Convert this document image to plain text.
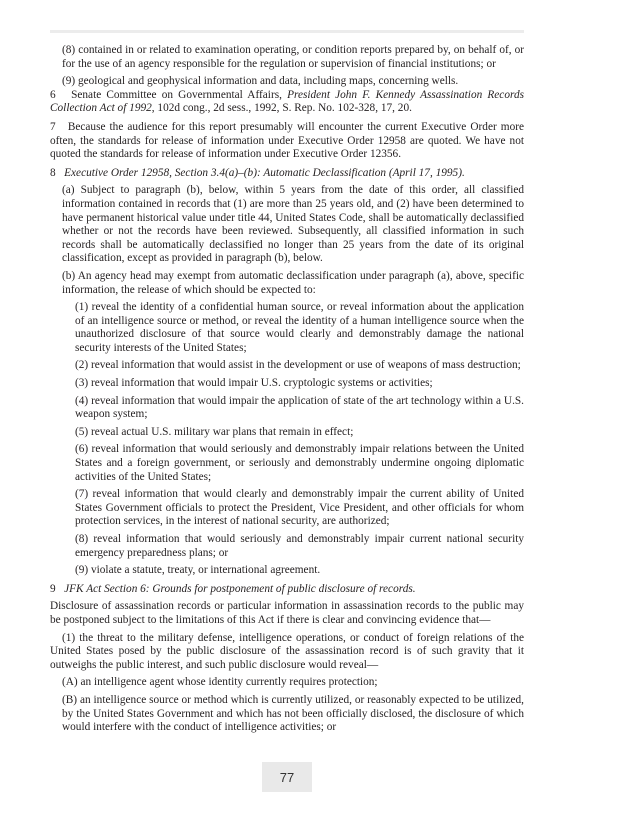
(8) contained in or related to examination operating, or condition reports prepared by, on behalf of, or for the use of an agency responsible for the regulation or supervision of financial institutions; or

(9) geological and geophysical information and data, including maps, concerning wells.

6 Senate Committee on Governmental Affairs, President John F. Kennedy Assassination Records Collection Act of 1992, 102d cong., 2d sess., 1992, S. Rep. No. 102-328, 17, 20.

7 Because the audience for this report presumably will encounter the current Executive Order more often, the standards for release of information under Executive Order 12958 are quoted. We have not quoted the standards for release of information under Executive Order 12356.

8 Executive Order 12958, Section 3.4(a)–(b): Automatic Declassification (April 17, 1995).

(a) Subject to paragraph (b), below, within 5 years from the date of this order, all classified information contained in records that (1) are more than 25 years old, and (2) have been determined to have permanent historical value under title 44, United States Code, shall be automatically declassified whether or not the records have been reviewed. Subsequently, all classified information in such records shall be automatically declassified no longer than 25 years from the date of its original classification, except as provided in paragraph (b), below.

(b) An agency head may exempt from automatic declassification under paragraph (a), above, specific information, the release of which should be expected to:

(1) reveal the identity of a confidential human source, or reveal information about the application of an intelligence source or method, or reveal the identity of a human intelligence source when the unauthorized disclosure of that source would clearly and demonstrably damage the national security interests of the United States;

(2) reveal information that would assist in the development or use of weapons of mass destruction;

(3) reveal information that would impair U.S. cryptologic systems or activities;

(4) reveal information that would impair the application of state of the art technology within a U.S. weapon system;

(5) reveal actual U.S. military war plans that remain in effect;

(6) reveal information that would seriously and demonstrably impair relations between the United States and a foreign government, or seriously and demonstrably undermine ongoing diplomatic activities of the United States;

(7) reveal information that would clearly and demonstrably impair the current ability of United States Government officials to protect the President, Vice President, and other officials for whom protection services, in the interest of national security, are authorized;

(8) reveal information that would seriously and demonstrably impair current national security emergency preparedness plans; or

(9) violate a statute, treaty, or international agreement.

9 JFK Act Section 6: Grounds for postponement of public disclosure of records.

Disclosure of assassination records or particular information in assassination records to the public may be postponed subject to the limitations of this Act if there is clear and convincing evidence that—

(1) the threat to the military defense, intelligence operations, or conduct of foreign relations of the United States posed by the public disclosure of the assassination record is of such gravity that it outweighs the public interest, and such public disclosure would reveal—

(A) an intelligence agent whose identity currently requires protection;

(B) an intelligence source or method which is currently utilized, or reasonably expected to be utilized, by the United States Government and which has not been officially disclosed, the disclosure of which would interfere with the conduct of intelligence activities; or

77
